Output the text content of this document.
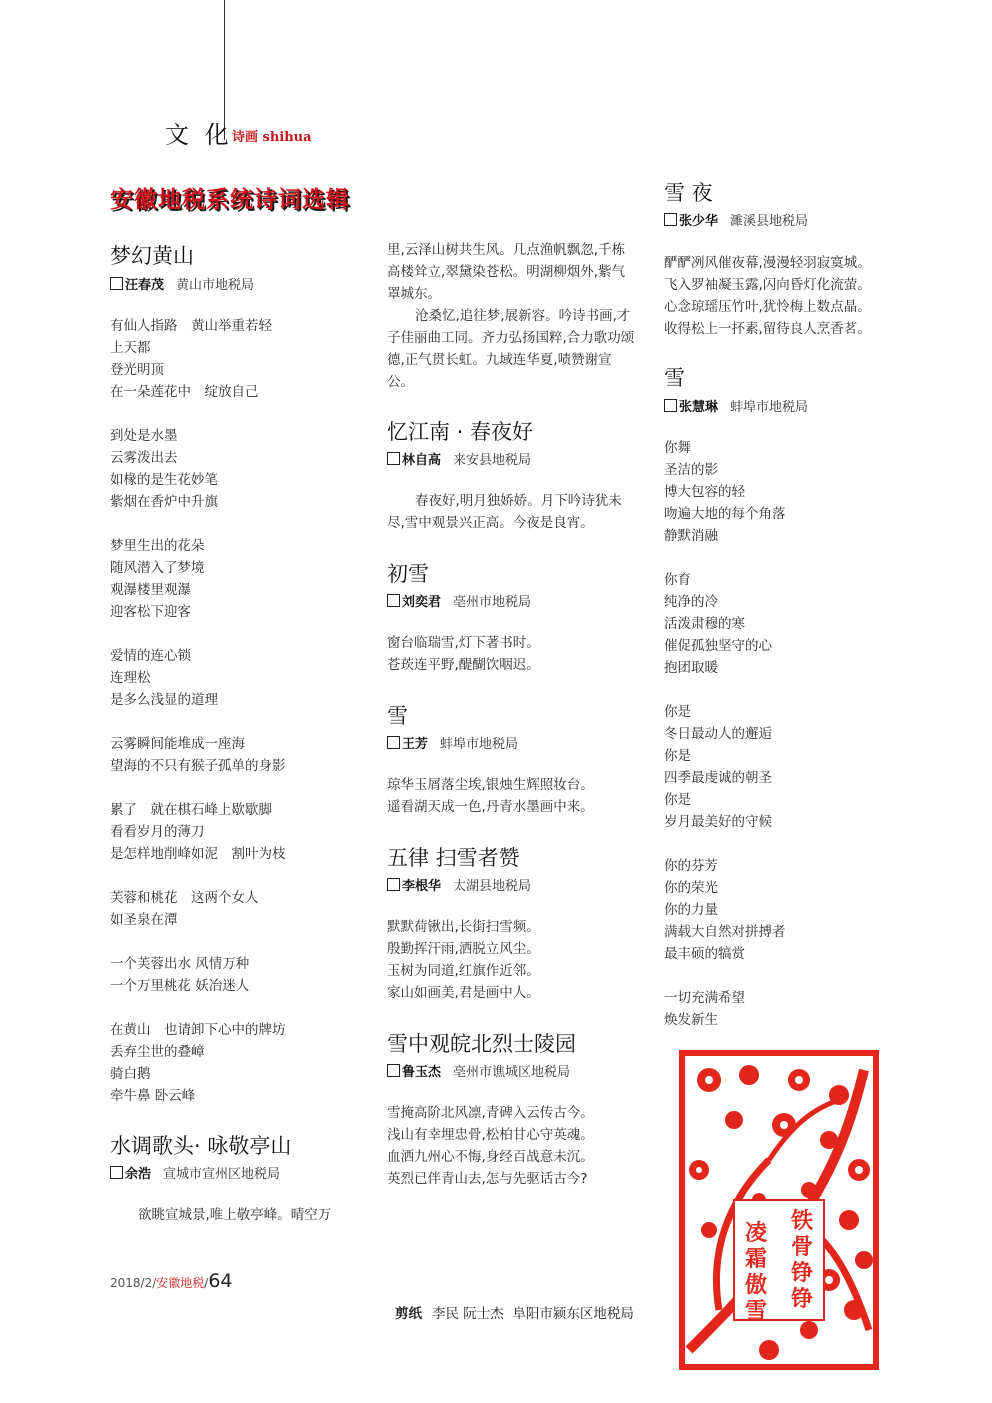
文 化 诗画 shihua
安徽地税系统诗词选辑
梦幻黄山
汪春茂 黄山市地税局
有仙人指路　黄山举重若轻
上天都
登光明顶
在一朵莲花中　绽放自己

到处是水墨
云雾泼出去
如椽的是生花妙笔
紫烟在香炉中升旗

梦里生出的花朵
随风潜入了梦境
观瀑楼里观瀑
迎客松下迎客

爱情的连心锁
连理松
是多么浅显的道理

云雾瞬间能堆成一座海
望海的不只有猴子孤单的身影

累了　就在棋石峰上歇歇脚
看看岁月的薄刀
是怎样地削峰如泥　割叶为枝

芙蓉和桃花　这两个女人
如圣泉在潭

一个芙蓉出水 风情万种
一个万里桃花 妖冶迷人

在黄山　也请卸下心中的牌坊
丢弃尘世的叠嶂
骑白鹅
牵牛鼻 卧云峰
水调歌头· 咏敬亭山
余浩 宣城市宣州区地税局
欲眺宣城景,唯上敬亭峰。晴空万

里,云泽山树共生风。几点渔帆飘忽,千栋高楼耸立,翠黛染苍松。明湖柳烟外,紫气罩城东。

沧桑忆,追往梦,展新容。吟诗书画,才子佳丽曲工同。齐力弘扬国粹,合力歌功颂德,正气贯长虹。九域连华夏,啧赞谢宣公。

忆江南 · 春夜好
林自高 来安县地税局
春夜好,明月独娇娇。月下吟诗犹未尽,雪中观景兴正高。今夜是良宵。
初雪
刘奕君 亳州市地税局
窗台临瑞雪,灯下著书时。
苍莰连平野,醍醐饮咽迟。
雪
王芳 蚌埠市地税局
琼华玉屑落尘埃,银烛生辉照妆台。
遥看湖天成一色,丹青水墨画中来。
五律 扫雪者赞
李根华 太湖县地税局
默默荷锹出,长街扫雪频。
殷勤挥汗雨,洒脱立风尘。
玉树为同道,红旗作近邻。
家山如画美,君是画中人。
雪中观皖北烈士陵园
鲁玉杰 亳州市谯城区地税局
雪掩高阶北风凛,青碑入云传古今。
浅山有幸埋忠骨,松柏甘心守英魂。
血洒九州心不悔,身经百战意未沉。
英烈已伴青山去,怎与先驱话古今?
雪 夜
张少华 濉溪县地税局
酽酽冽风催夜幕,漫漫轻羽寂寞城。
飞入罗袖凝玉露,闪向昏灯化流萤。
心念琼瑶压竹叶,犹怜梅上数点晶。
收得松上一抔素,留待良人烹香茗。
雪
张慧琳 蚌埠市地税局
你舞
圣洁的影
博大包容的轻
吻遍大地的每个角落
静默消融

你育
纯净的冷
活泼肃穆的寒
催促孤独坚守的心
抱团取暖

你是
冬日最动人的邂逅
你是
四季最虔诚的朝圣
你是
岁月最美好的守候

你的芬芳
你的荣光
你的力量
满载大自然对拼搏者
最丰硕的犒赏

一切充满希望
焕发新生
铁
骨
铮
铮
凌
霜
傲
雪
2018/2/安徽地税/64
剪纸 李民 阮士杰 阜阳市颍东区地税局
